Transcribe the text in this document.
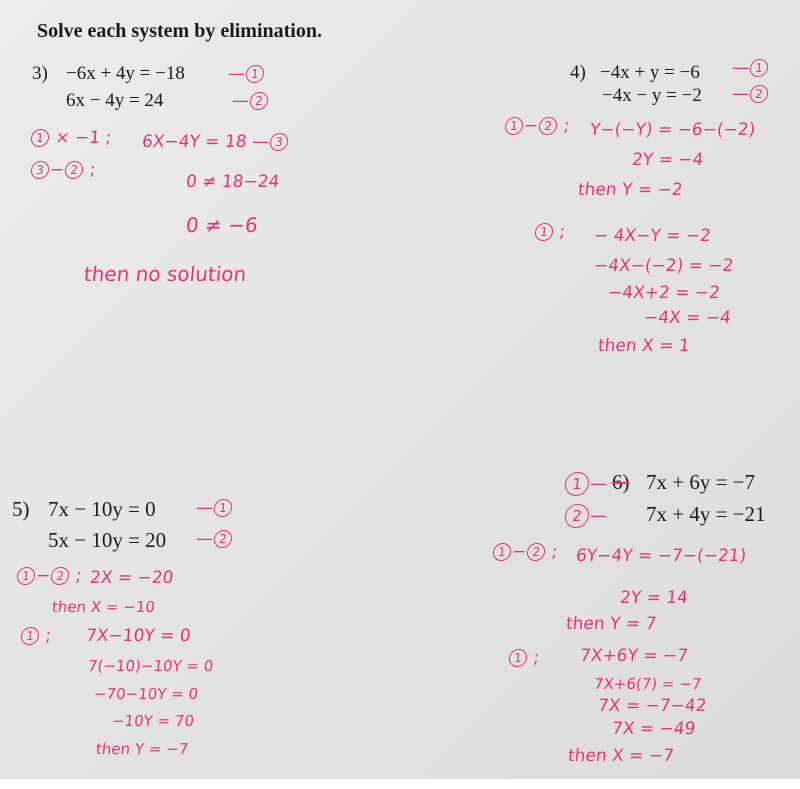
Solve each system by elimination.
3) −6x + 4y = −18
6x − 4y = 24
— 1
— 2
1 × −1 ; 6X−4Y = 18 — 3
3 − 2 ;
0 ≠ 18−24
0 ≠ −6
then no solution
4) −4x + y = −6
−4x − y = −2
— 1
— 2
1 − 2 ; Y−(−Y) = −6−(−2)
2Y = −4
then Y = −2
1 ; − 4X−Y = −2
−4X−(−2) = −2
−4X+2 = −2
−4X = −4
then X = 1
5) 7x − 10y = 0
5x − 10y = 20
— 1
— 2
1 − 2 ; 2X = −20
then X = −10
1 ; 7X−10Y = 0
7(−10)−10Y = 0
−70−10Y = 0
−10Y = 70
then Y = −7
6) 7x + 6y = −7
7x + 4y = −21
1 —
2 —
1 − 2 ; 6Y−4Y = −7−(−21)
2Y = 14
then Y = 7
1 ; 7X+6Y = −7
7X+6(7) = −7
7X = −7−42
7X = −49
then X = −7
